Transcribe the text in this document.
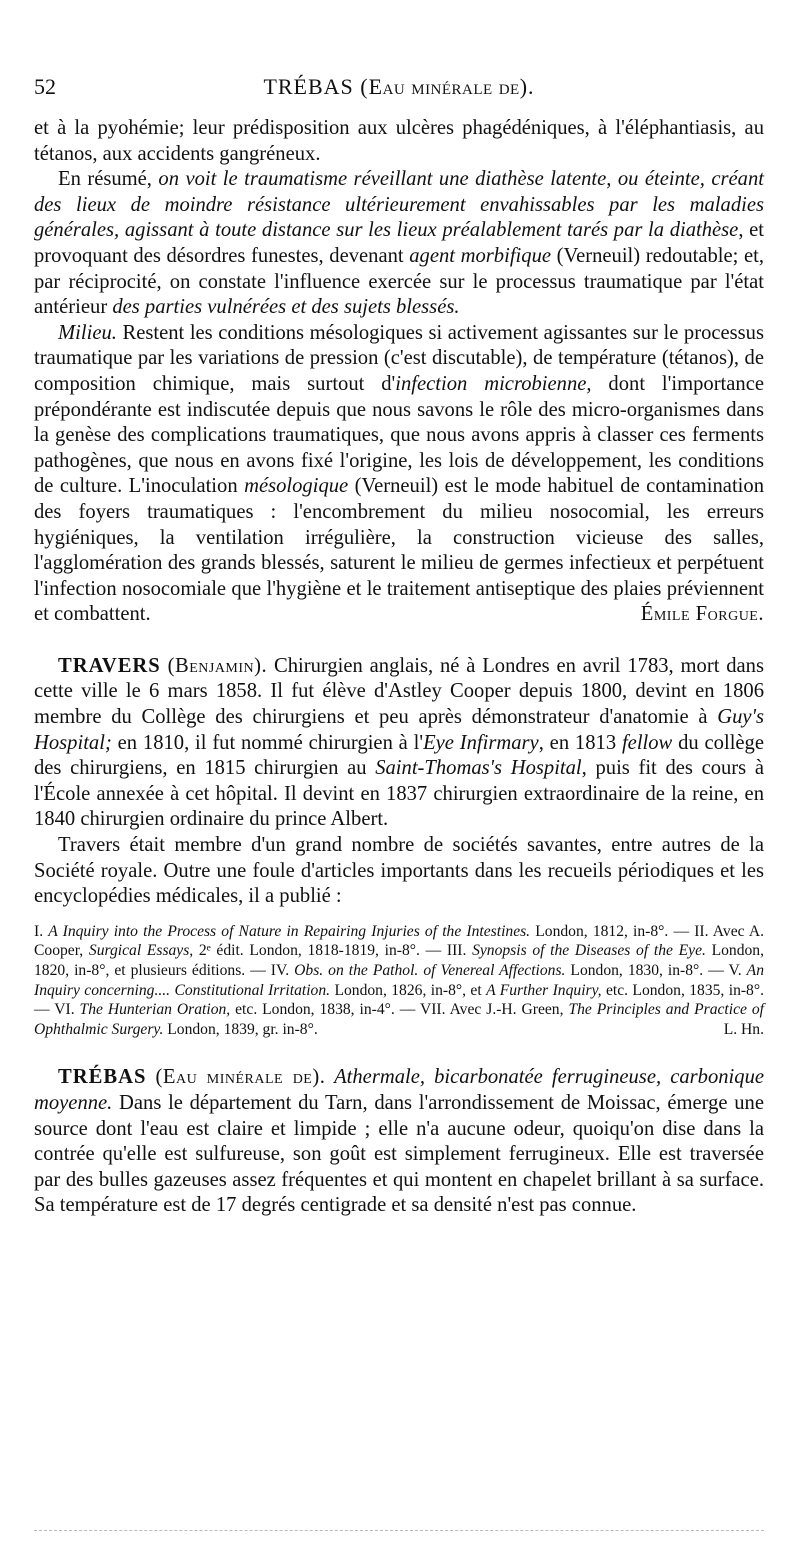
52	TRÉBAS (Eau minérale de).

et à la pyohémie; leur prédisposition aux ulcères phagédéniques, à l'éléphantiasis, au tétanos, aux accidents gangréneux.

En résumé, on voit le traumatisme réveillant une diathèse latente, ou éteinte, créant des lieux de moindre résistance ultérieurement envahissables par les maladies générales, agissant à toute distance sur les lieux préalablement tarés par la diathèse, et provoquant des désordres funestes, devenant agent morbifique (Verneuil) redoutable; et, par réciprocité, on constate l'influence exercée sur le processus traumatique par l'état antérieur des parties vulnérées et des sujets blessés.

Milieu. Restent les conditions mésologiques si activement agissantes sur le processus traumatique par les variations de pression (c'est discutable), de température (tétanos), de composition chimique, mais surtout d'infection microbienne, dont l'importance prépondérante est indiscutée depuis que nous savons le rôle des micro-organismes dans la genèse des complications traumatiques, que nous avons appris à classer ces ferments pathogènes, que nous en avons fixé l'origine, les lois de développement, les conditions de culture. L'inoculation mésologique (Verneuil) est le mode habituel de contamination des foyers traumatiques : l'encombrement du milieu nosocomial, les erreurs hygiéniques, la ventilation irrégulière, la construction vicieuse des salles, l'agglomération des grands blessés, saturent le milieu de germes infectieux et perpétuent l'infection nosocomiale que l'hygiène et le traitement antiseptique des plaies préviennent et combattent.	Émile Forgue.

TRAVERS (Benjamin). Chirurgien anglais, né à Londres en avril 1783, mort dans cette ville le 6 mars 1858. Il fut élève d'Astley Cooper depuis 1800, devint en 1806 membre du Collège des chirurgiens et peu après démonstrateur d'anatomie à Guy's Hospital; en 1810, il fut nommé chirurgien à l'Eye Infirmary, en 1813 fellow du collège des chirurgiens, en 1815 chirurgien au Saint-Thomas's Hospital, puis fit des cours à l'École annexée à cet hôpital. Il devint en 1837 chirurgien extraordinaire de la reine, en 1840 chirurgien ordinaire du prince Albert.

Travers était membre d'un grand nombre de sociétés savantes, entre autres de la Société royale. Outre une foule d'articles importants dans les recueils périodiques et les encyclopédies médicales, il a publié :

I. A Inquiry into the Process of Nature in Repairing Injuries of the Intestines. London, 1812, in-8°. — II. Avec A. Cooper, Surgical Essays, 2ᵉ édit. London, 1818-1819, in-8°. — III. Synopsis of the Diseases of the Eye. London, 1820, in-8°, et plusieurs éditions. — IV. Obs. on the Pathol. of Venereal Affections. London, 1830, in-8°. — V. An Inquiry concerning.... Constitutional Irritation. London, 1826, in-8°, et A Further Inquiry, etc. London, 1835, in-8°. — VI. The Hunterian Oration, etc. London, 1838, in-4°. — VII. Avec J.-H. Green, The Principles and Practice of Ophthalmic Surgery. London, 1839, gr. in-8°.	L. Hn.

TRÉBAS (Eau minérale de). Athermale, bicarbonatée ferrugineuse, carbonique moyenne. Dans le département du Tarn, dans l'arrondissement de Moissac, émerge une source dont l'eau est claire et limpide ; elle n'a aucune odeur, quoiqu'on dise dans la contrée qu'elle est sulfureuse, son goût est simplement ferrugineux. Elle est traversée par des bulles gazeuses assez fréquentes et qui montent en chapelet brillant à sa surface. Sa température est de 17 degrés centigrade et sa densité n'est pas connue.
